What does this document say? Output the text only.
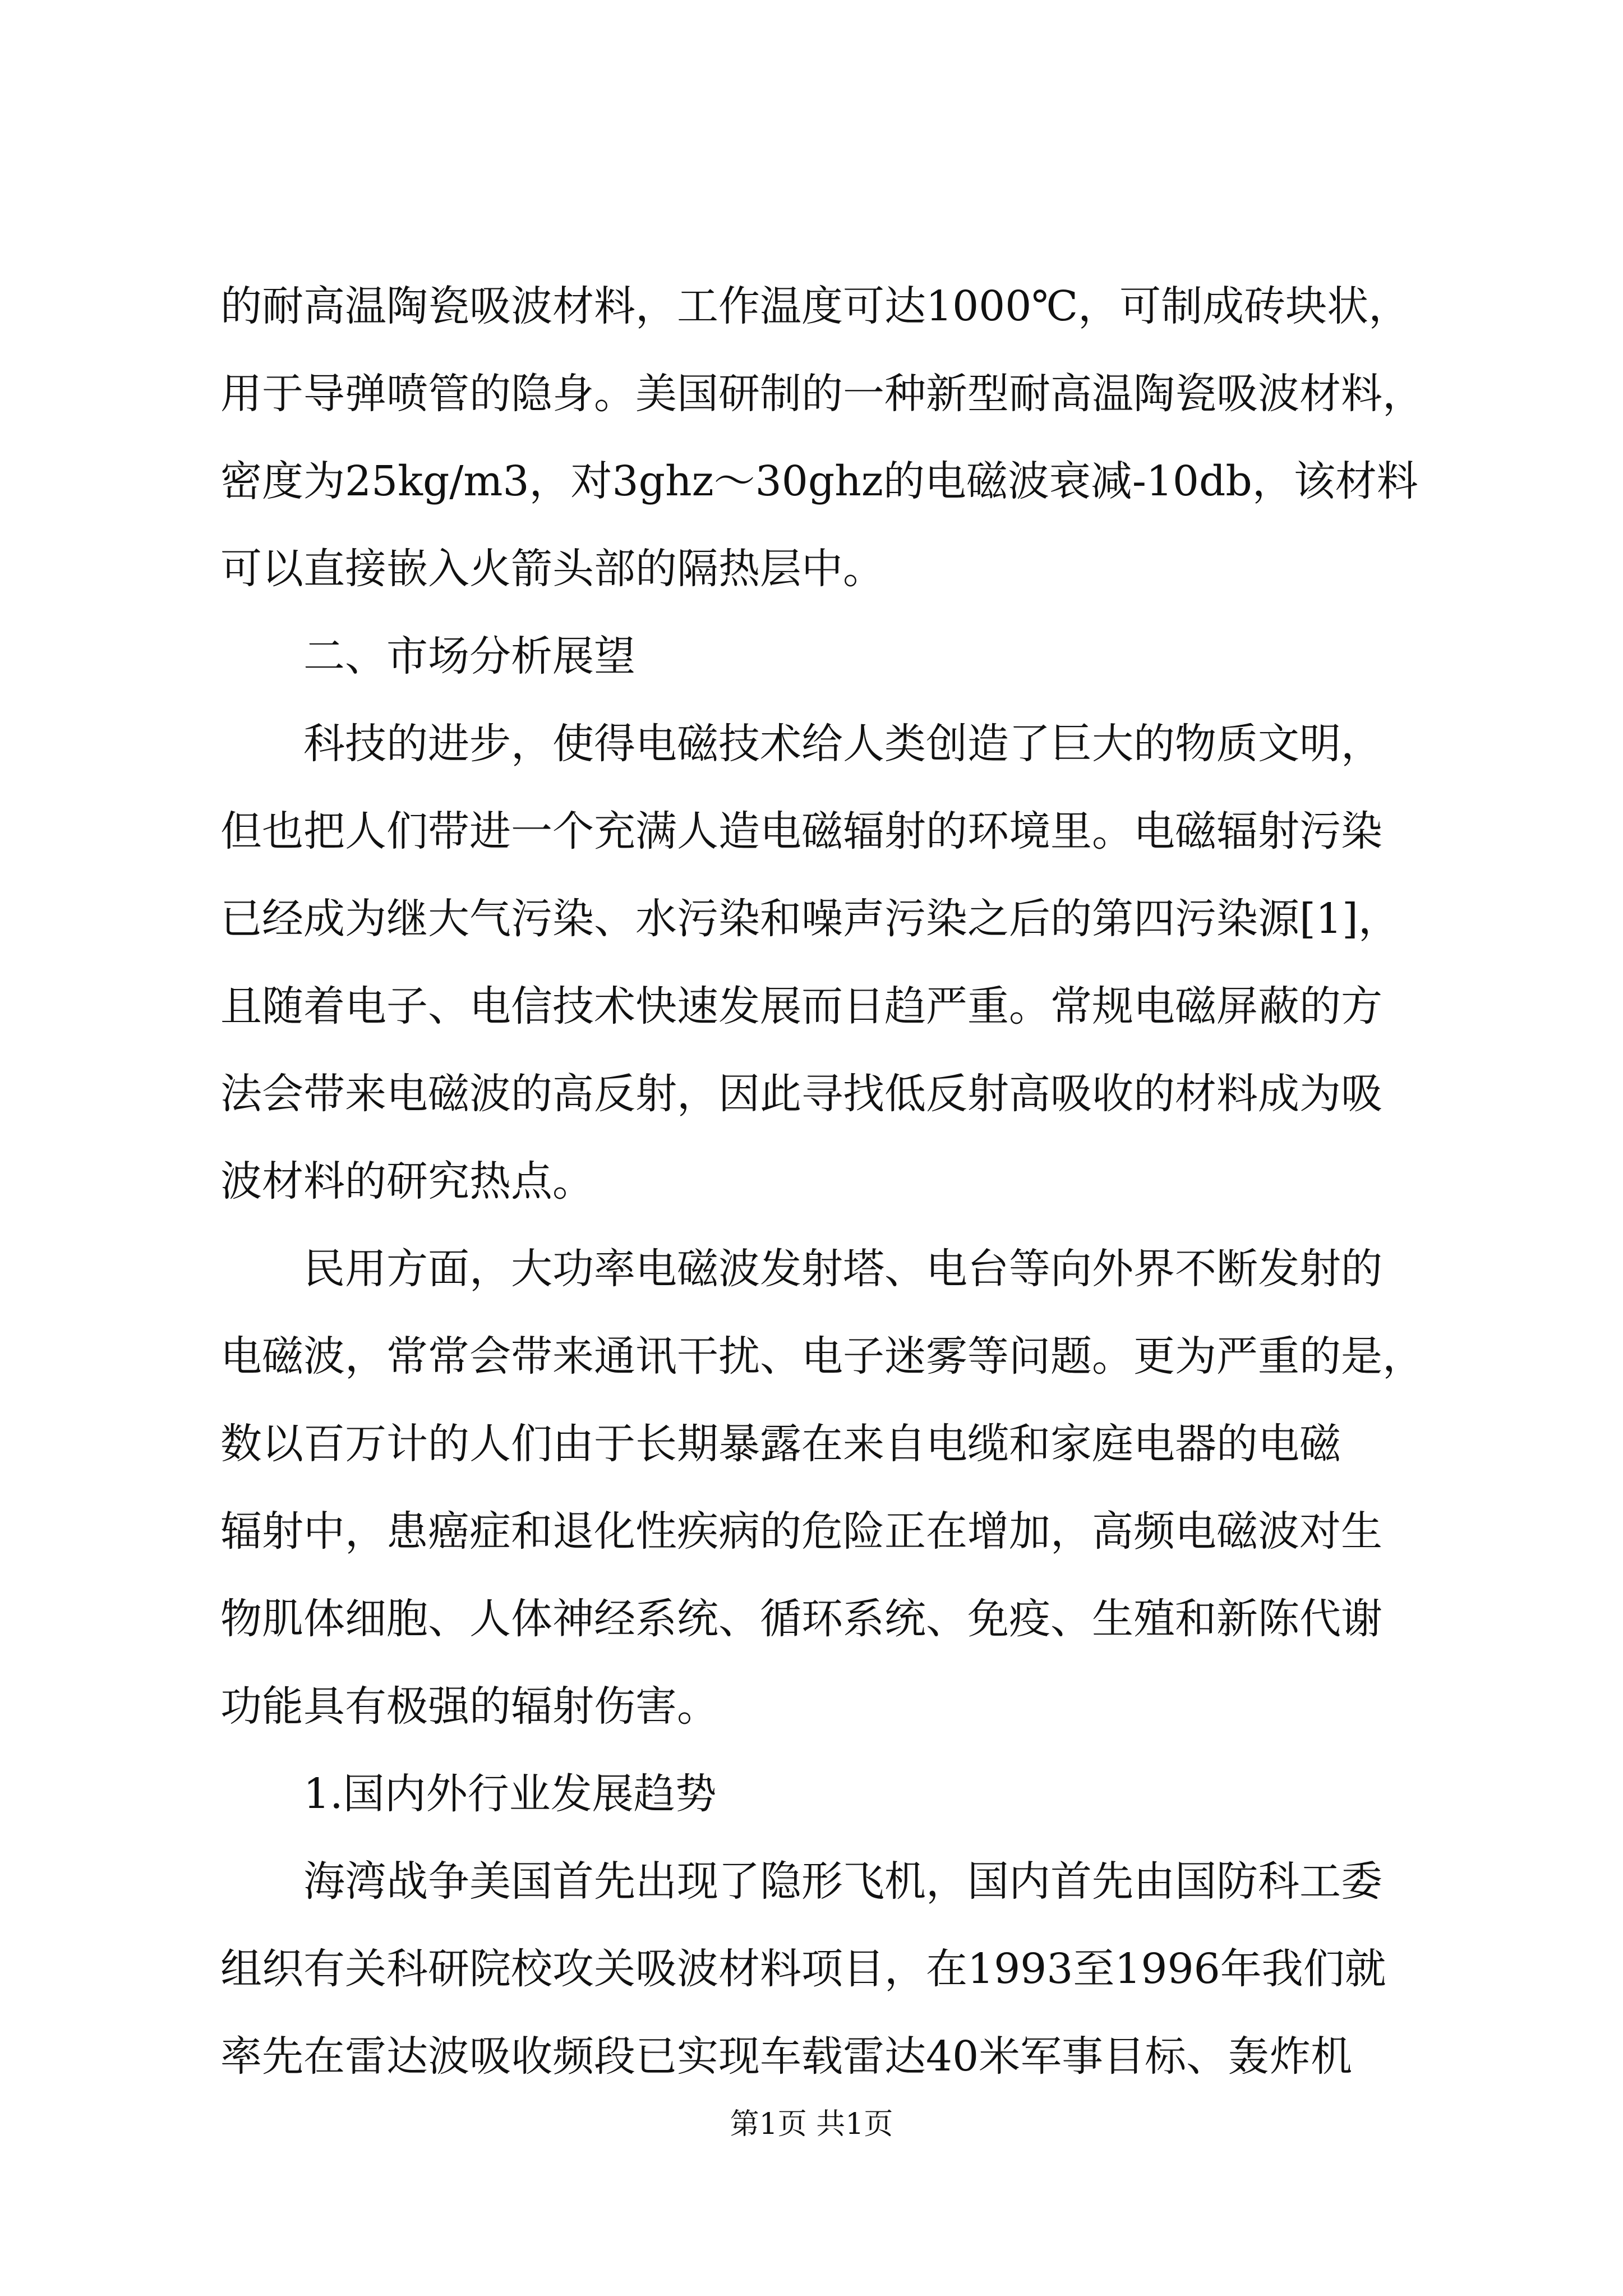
的耐高温陶瓷吸波材料，工作温度可达1000℃，可制成砖块状，
用于导弹喷管的隐身。美国研制的一种新型耐高温陶瓷吸波材料，
密度为25kg/m3，对3ghz～30ghz的电磁波衰减-10db，该材料
可以直接嵌入火箭头部的隔热层中。
二、市场分析展望
科技的进步，使得电磁技术给人类创造了巨大的物质文明，
但也把人们带进一个充满人造电磁辐射的环境里。电磁辐射污染
已经成为继大气污染、水污染和噪声污染之后的第四污染源[1]，
且随着电子、电信技术快速发展而日趋严重。常规电磁屏蔽的方
法会带来电磁波的高反射，因此寻找低反射高吸收的材料成为吸
波材料的研究热点。
民用方面，大功率电磁波发射塔、电台等向外界不断发射的
电磁波，常常会带来通讯干扰、电子迷雾等问题。更为严重的是，
数以百万计的人们由于长期暴露在来自电缆和家庭电器的电磁
辐射中，患癌症和退化性疾病的危险正在增加，高频电磁波对生
物肌体细胞、人体神经系统、循环系统、免疫、生殖和新陈代谢
功能具有极强的辐射伤害。
1.国内外行业发展趋势
海湾战争美国首先出现了隐形飞机，国内首先由国防科工委
组织有关科研院校攻关吸波材料项目，在1993至1996年我们就
率先在雷达波吸收频段已实现车载雷达40米军事目标、轰炸机
第1页 共1页
